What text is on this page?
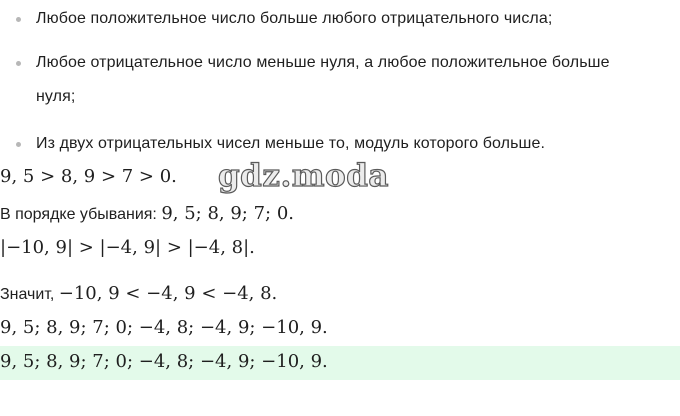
Любое положительное число больше любого отрицательного числа;
Любое отрицательное число меньше нуля, а любое положительное больше нуля;
Из двух отрицательных чисел меньше то, модуль которого больше.
9, 5 > 8, 9 > 7 > 0.
В порядке убывания: 9, 5; 8, 9; 7; 0.
|−10, 9| > |−4, 9| > |−4, 8|.
Значит, −10, 9 < −4, 9 < −4, 8.
9, 5; 8, 9; 7; 0; −4, 8; −4, 9; −10, 9.
9, 5; 8, 9; 7; 0; −4, 8; −4, 9; −10, 9.
gdz.moda
